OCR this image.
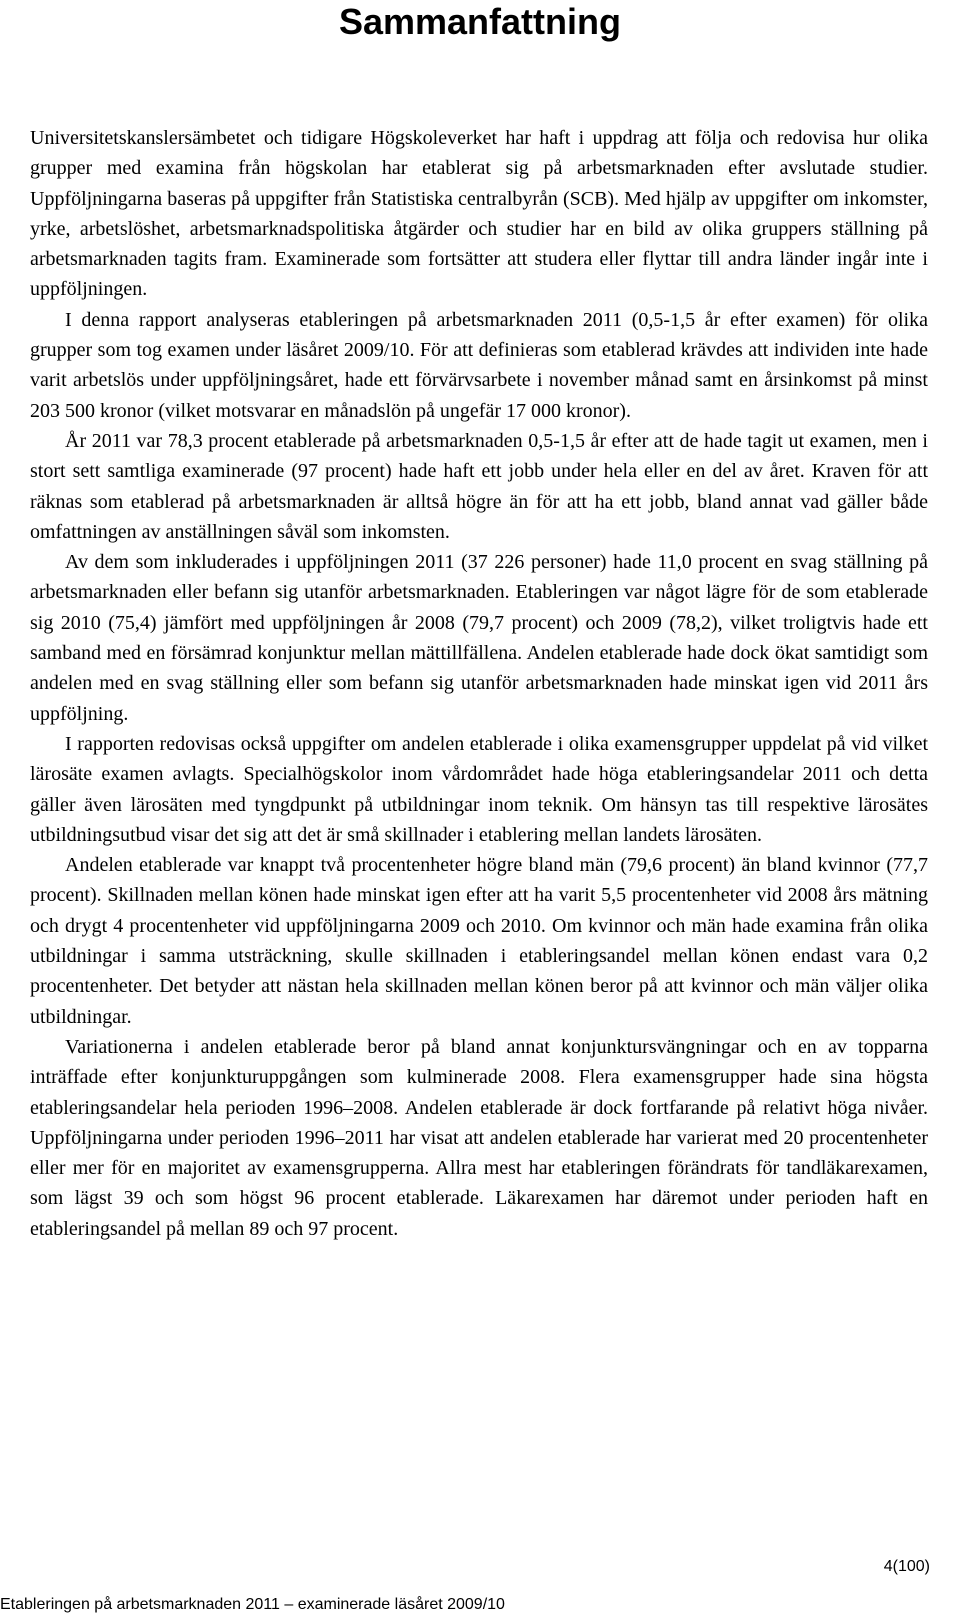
Sammanfattning

Universitetskanslersämbetet och tidigare Högskoleverket har haft i uppdrag att följa och redovisa hur olika grupper med examina från högskolan har etablerat sig på arbetsmarknaden efter avslutade studier. Uppföljningarna baseras på uppgifter från Statistiska centralbyrån (SCB). Med hjälp av uppgifter om inkomster, yrke, arbetslöshet, arbetsmarknadspolitiska åtgärder och studier har en bild av olika gruppers ställning på arbetsmarknaden tagits fram. Examinerade som fortsätter att studera eller flyttar till andra länder ingår inte i uppföljningen.

I denna rapport analyseras etableringen på arbetsmarknaden 2011 (0,5-1,5 år efter examen) för olika grupper som tog examen under läsåret 2009/10. För att definieras som etablerad krävdes att individen inte hade varit arbetslös under uppföljningsåret, hade ett förvärvsarbete i november månad samt en årsinkomst på minst 203 500 kronor (vilket motsvarar en månadslön på ungefär 17 000 kronor).

År 2011 var 78,3 procent etablerade på arbetsmarknaden 0,5-1,5 år efter att de hade tagit ut examen, men i stort sett samtliga examinerade (97 procent) hade haft ett jobb under hela eller en del av året. Kraven för att räknas som etablerad på arbetsmarknaden är alltså högre än för att ha ett jobb, bland annat vad gäller både omfattningen av anställningen såväl som inkomsten.

Av dem som inkluderades i uppföljningen 2011 (37 226 personer) hade 11,0 procent en svag ställning på arbetsmarknaden eller befann sig utanför arbetsmarknaden. Etableringen var något lägre för de som etablerade sig 2010 (75,4) jämfört med uppföljningen år 2008 (79,7 procent) och 2009 (78,2), vilket troligtvis hade ett samband med en försämrad konjunktur mellan mättillfällena. Andelen etablerade hade dock ökat samtidigt som andelen med en svag ställning eller som befann sig utanför arbetsmarknaden hade minskat igen vid 2011 års uppföljning.

I rapporten redovisas också uppgifter om andelen etablerade i olika examensgrupper uppdelat på vid vilket lärosäte examen avlagts. Specialhögskolor inom vårdområdet hade höga etableringsandelar 2011 och detta gäller även lärosäten med tyngdpunkt på utbildningar inom teknik. Om hänsyn tas till respektive lärosätes utbildningsutbud visar det sig att det är små skillnader i etablering mellan landets lärosäten.

Andelen etablerade var knappt två procentenheter högre bland män (79,6 procent) än bland kvinnor (77,7 procent). Skillnaden mellan könen hade minskat igen efter att ha varit 5,5 procentenheter vid 2008 års mätning och drygt 4 procentenheter vid uppföljningarna 2009 och 2010. Om kvinnor och män hade examina från olika utbildningar i samma utsträckning, skulle skillnaden i etableringsandel mellan könen endast vara 0,2 procentenheter. Det betyder att nästan hela skillnaden mellan könen beror på att kvinnor och män väljer olika utbildningar.

Variationerna i andelen etablerade beror på bland annat konjunktursvängningar och en av topparna inträffade efter konjunkturuppgången som kulminerade 2008. Flera examensgrupper hade sina högsta etableringsandelar hela perioden 1996–2008. Andelen etablerade är dock fortfarande på relativt höga nivåer. Uppföljningarna under perioden 1996–2011 har visat att andelen etablerade har varierat med 20 procentenheter eller mer för en majoritet av examensgrupperna. Allra mest har etableringen förändrats för tandläkarexamen, som lägst 39 och som högst 96 procent etablerade. Läkarexamen har däremot under perioden haft en etableringsandel på mellan 89 och 97 procent.

4(100)
Etableringen på arbetsmarknaden 2011 – examinerade läsåret 2009/10
